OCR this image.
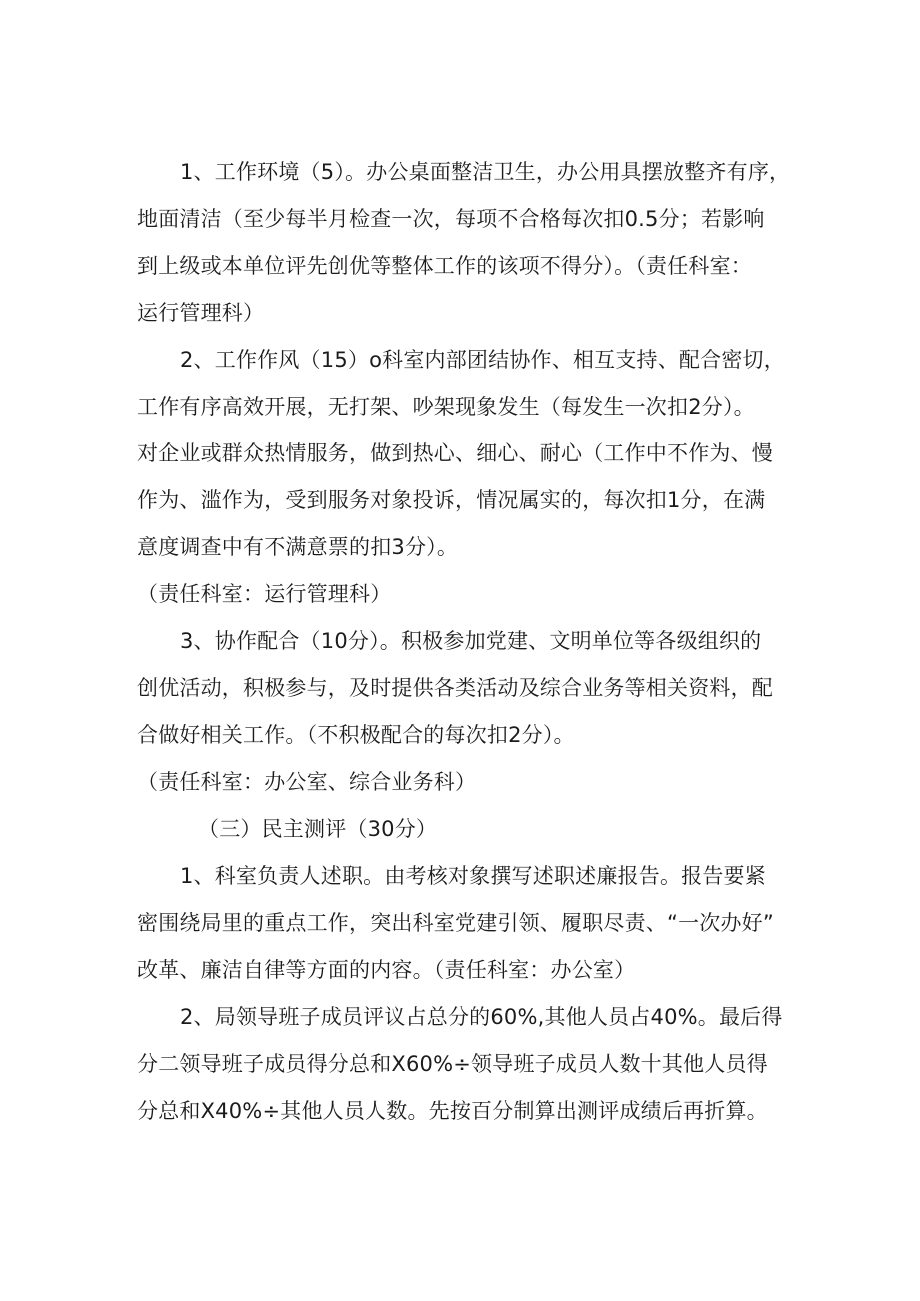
1、工作环境（5）。办公桌面整洁卫生，办公用具摆放整齐有序，
地面清洁（至少每半月检查一次，每项不合格每次扣0.5分；若影响
到上级或本单位评先创优等整体工作的该项不得分）。（责任科室：
运行管理科）
2、工作作风（15）o科室内部团结协作、相互支持、配合密切，
工作有序高效开展，无打架、吵架现象发生（每发生一次扣2分）。
对企业或群众热情服务，做到热心、细心、耐心（工作中不作为、慢
作为、滥作为，受到服务对象投诉，情况属实的，每次扣1分，在满
意度调查中有不满意票的扣3分）。
（责任科室：运行管理科）
3、协作配合（10分）。积极参加党建、文明单位等各级组织的
创优活动，积极参与，及时提供各类活动及综合业务等相关资料，配
合做好相关工作。（不积极配合的每次扣2分）。
（责任科室：办公室、综合业务科）
（三）民主测评（30分）
1、科室负责人述职。由考核对象撰写述职述廉报告。报告要紧
密围绕局里的重点工作，突出科室党建引领、履职尽责、“一次办好”
改革、廉洁自律等方面的内容。（责任科室：办公室）
2、局领导班子成员评议占总分的60%,其他人员占40%。最后得
分二领导班子成员得分总和X60%÷领导班子成员人数十其他人员得
分总和X40%÷其他人员人数。先按百分制算出测评成绩后再折算。
